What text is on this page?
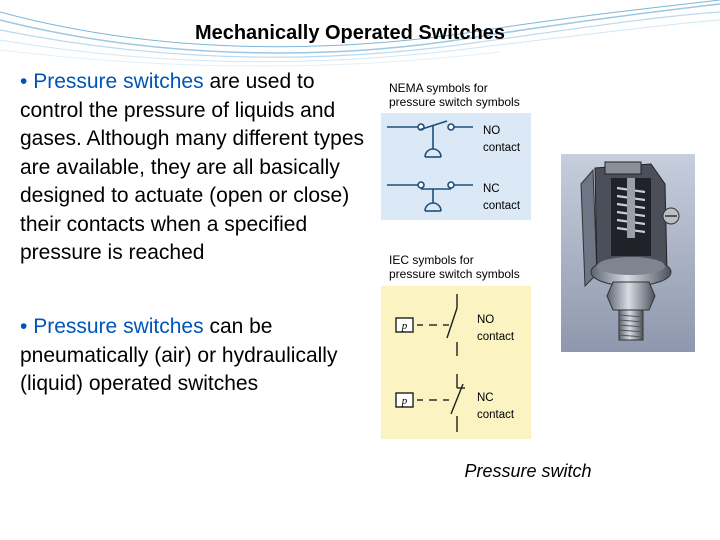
Mechanically Operated Switches

• Pressure switches are used to control the pressure of liquids and gases. Although many different types are available, they are all basically designed to actuate (open or close) their contacts when a specified pressure is reached

• Pressure switches can be pneumatically (air) or hydraulically (liquid) operated switches

NEMA symbols for
pressure switch symbols
NO
contact
NC
contact
IEC symbols for
pressure switch symbols
p
p
NO
contact
NC
contact
Pressure switch
